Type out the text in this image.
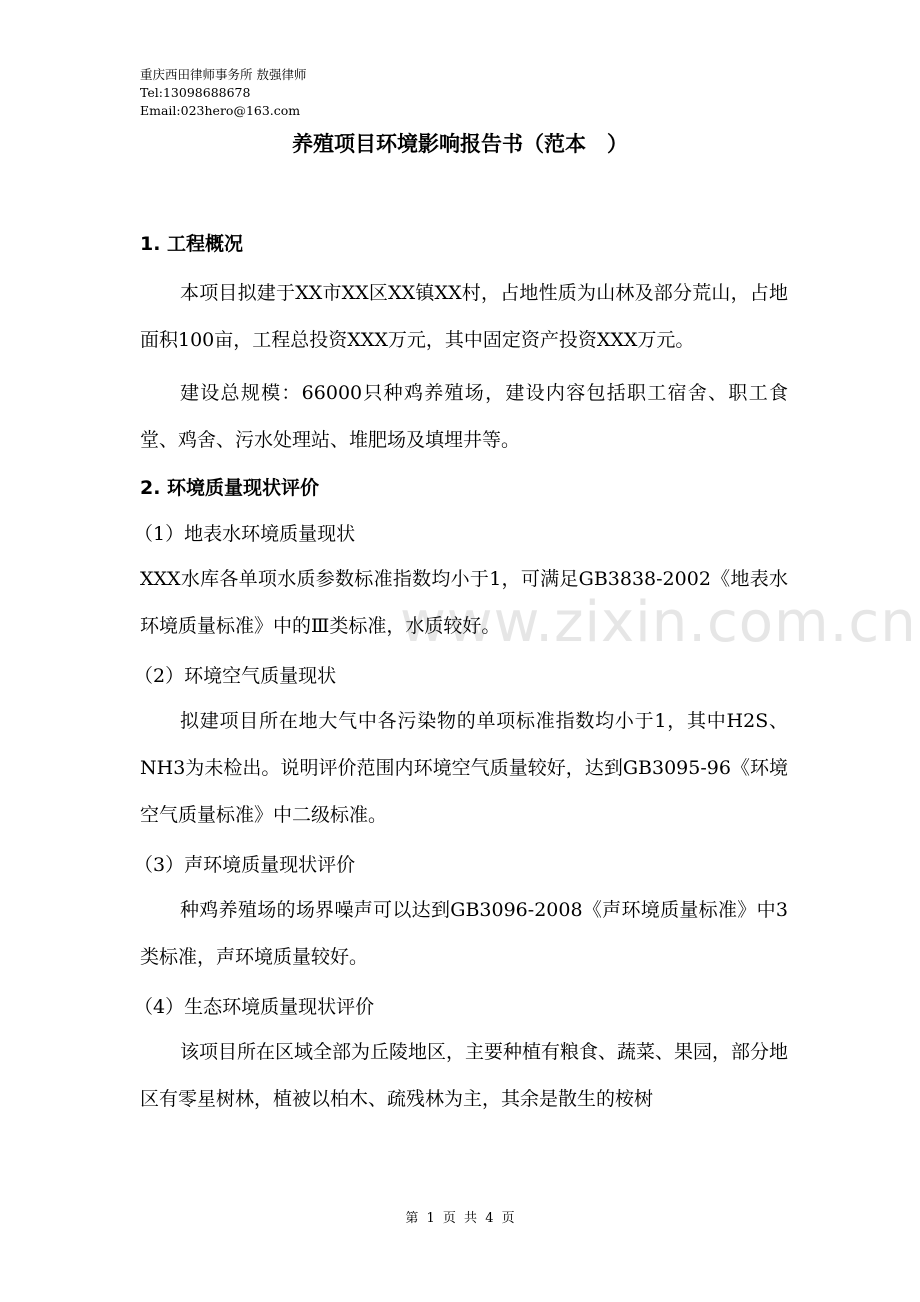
www.zixin.com.cn
重庆西田律师事务所 敖强律师
Tel:13098688678
Email:023hero@163.com
养殖项目环境影响报告书（范本　）
1. 工程概况

本项目拟建于XX市XX区XX镇XX村，占地性质为山林及部分荒山，占地面积100亩，工程总投资XXX万元，其中固定资产投资XXX万元。

建设总规模：66000只种鸡养殖场，建设内容包括职工宿舍、职工食堂、鸡舍、污水处理站、堆肥场及填埋井等。

2. 环境质量现状评价
（1）地表水环境质量现状

XXX水库各单项水质参数标准指数均小于1，可满足GB3838-2002《地表水环境质量标准》中的Ⅲ类标准，水质较好。

（2）环境空气质量现状

拟建项目所在地大气中各污染物的单项标准指数均小于1，其中H2S、NH3为未检出。说明评价范围内环境空气质量较好，达到GB3095-96《环境空气质量标准》中二级标准。

（3）声环境质量现状评价

种鸡养殖场的场界噪声可以达到GB3096-2008《声环境质量标准》中3类标准，声环境质量较好。

（4）生态环境质量现状评价

该项目所在区域全部为丘陵地区，主要种植有粮食、蔬菜、果园，部分地区有零星树林，植被以柏木、疏残林为主，其余是散生的桉树

第 1 页 共 4 页
